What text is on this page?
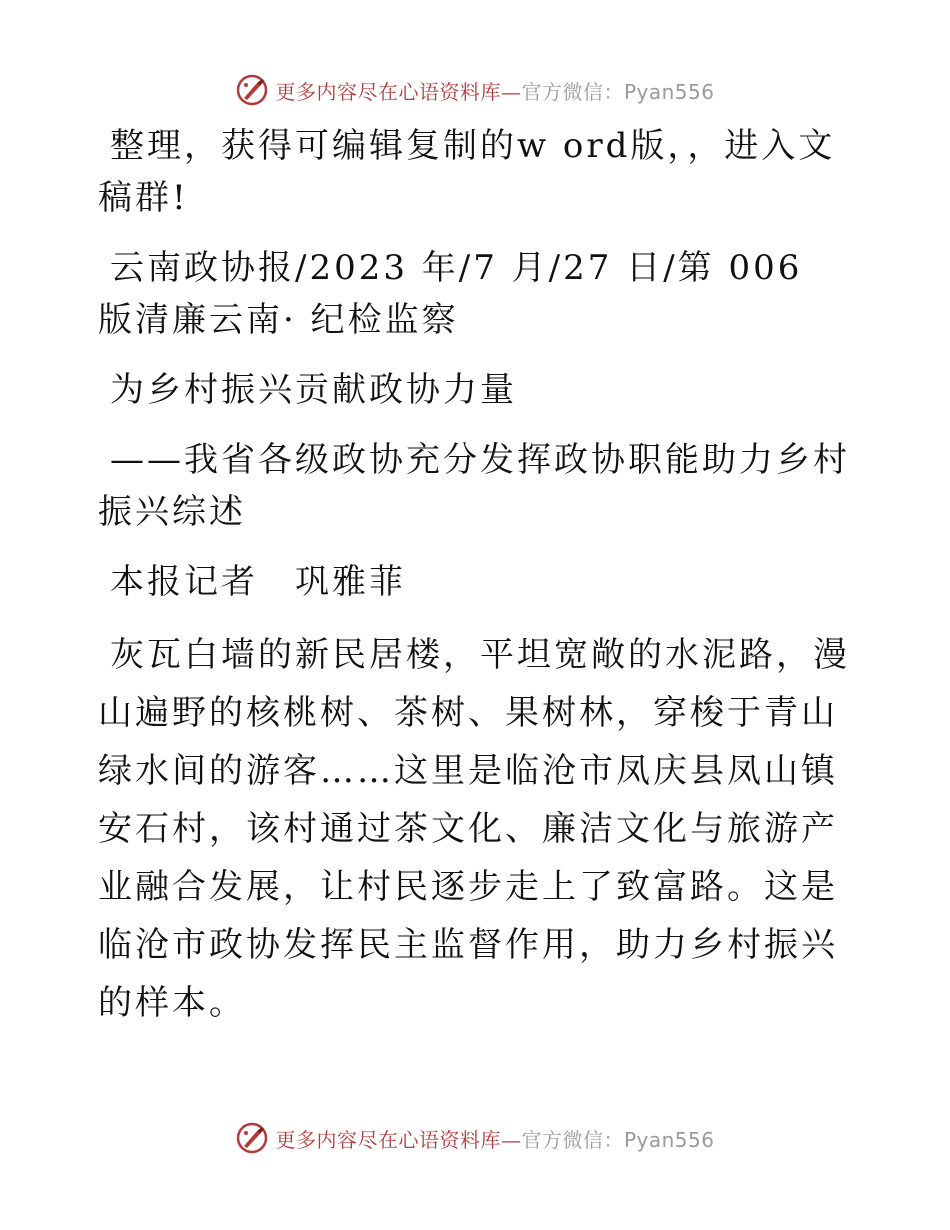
更多内容尽在心语资料库—官方微信：Pyan556

整理，获得可编辑复制的w ord版，，进入文稿群!

云南政协报/2023 年/7 月/27 日/第 006 版清廉云南· 纪检监察

为乡村振兴贡献政协力量

——我省各级政协充分发挥政协职能助力乡村振兴综述

本报记者　巩雅菲

灰瓦白墙的新民居楼，平坦宽敞的水泥路，漫山遍野的核桃树、茶树、果树林，穿梭于青山绿水间的游客……这里是临沧市凤庆县凤山镇安石村，该村通过茶文化、廉洁文化与旅游产业融合发展，让村民逐步走上了致富路。这是临沧市政协发挥民主监督作用，助力乡村振兴的样本。

更多内容尽在心语资料库—官方微信：Pyan556
